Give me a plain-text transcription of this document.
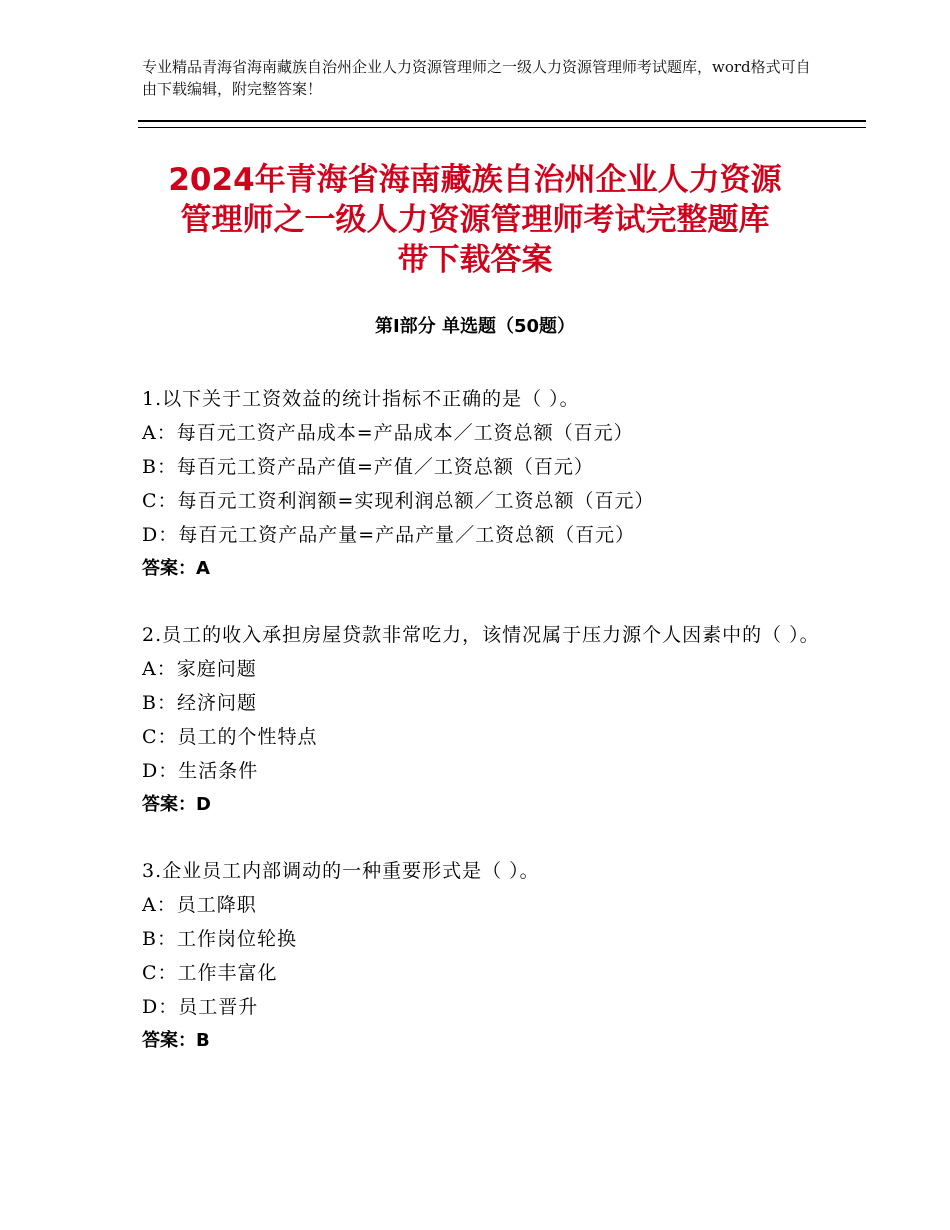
专业精品青海省海南藏族自治州企业人力资源管理师之一级人力资源管理师考试题库，word格式可自由下载编辑，附完整答案！
2024年青海省海南藏族自治州企业人力资源
管理师之一级人力资源管理师考试完整题库
带下载答案
第Ⅰ部分 单选题（50题）
1.以下关于工资效益的统计指标不正确的是（ ）。
A：每百元工资产品成本=产品成本／工资总额（百元）
B：每百元工资产品产值=产值／工资总额（百元）
C：每百元工资利润额=实现利润总额／工资总额（百元）
D：每百元工资产品产量=产品产量／工资总额（百元）
答案：A
2.员工的收入承担房屋贷款非常吃力，该情况属于压力源个人因素中的（ ）。
A：家庭问题
B：经济问题
C：员工的个性特点
D：生活条件
答案：D
3.企业员工内部调动的一种重要形式是（ ）。
A：员工降职
B：工作岗位轮换
C：工作丰富化
D：员工晋升
答案：B
